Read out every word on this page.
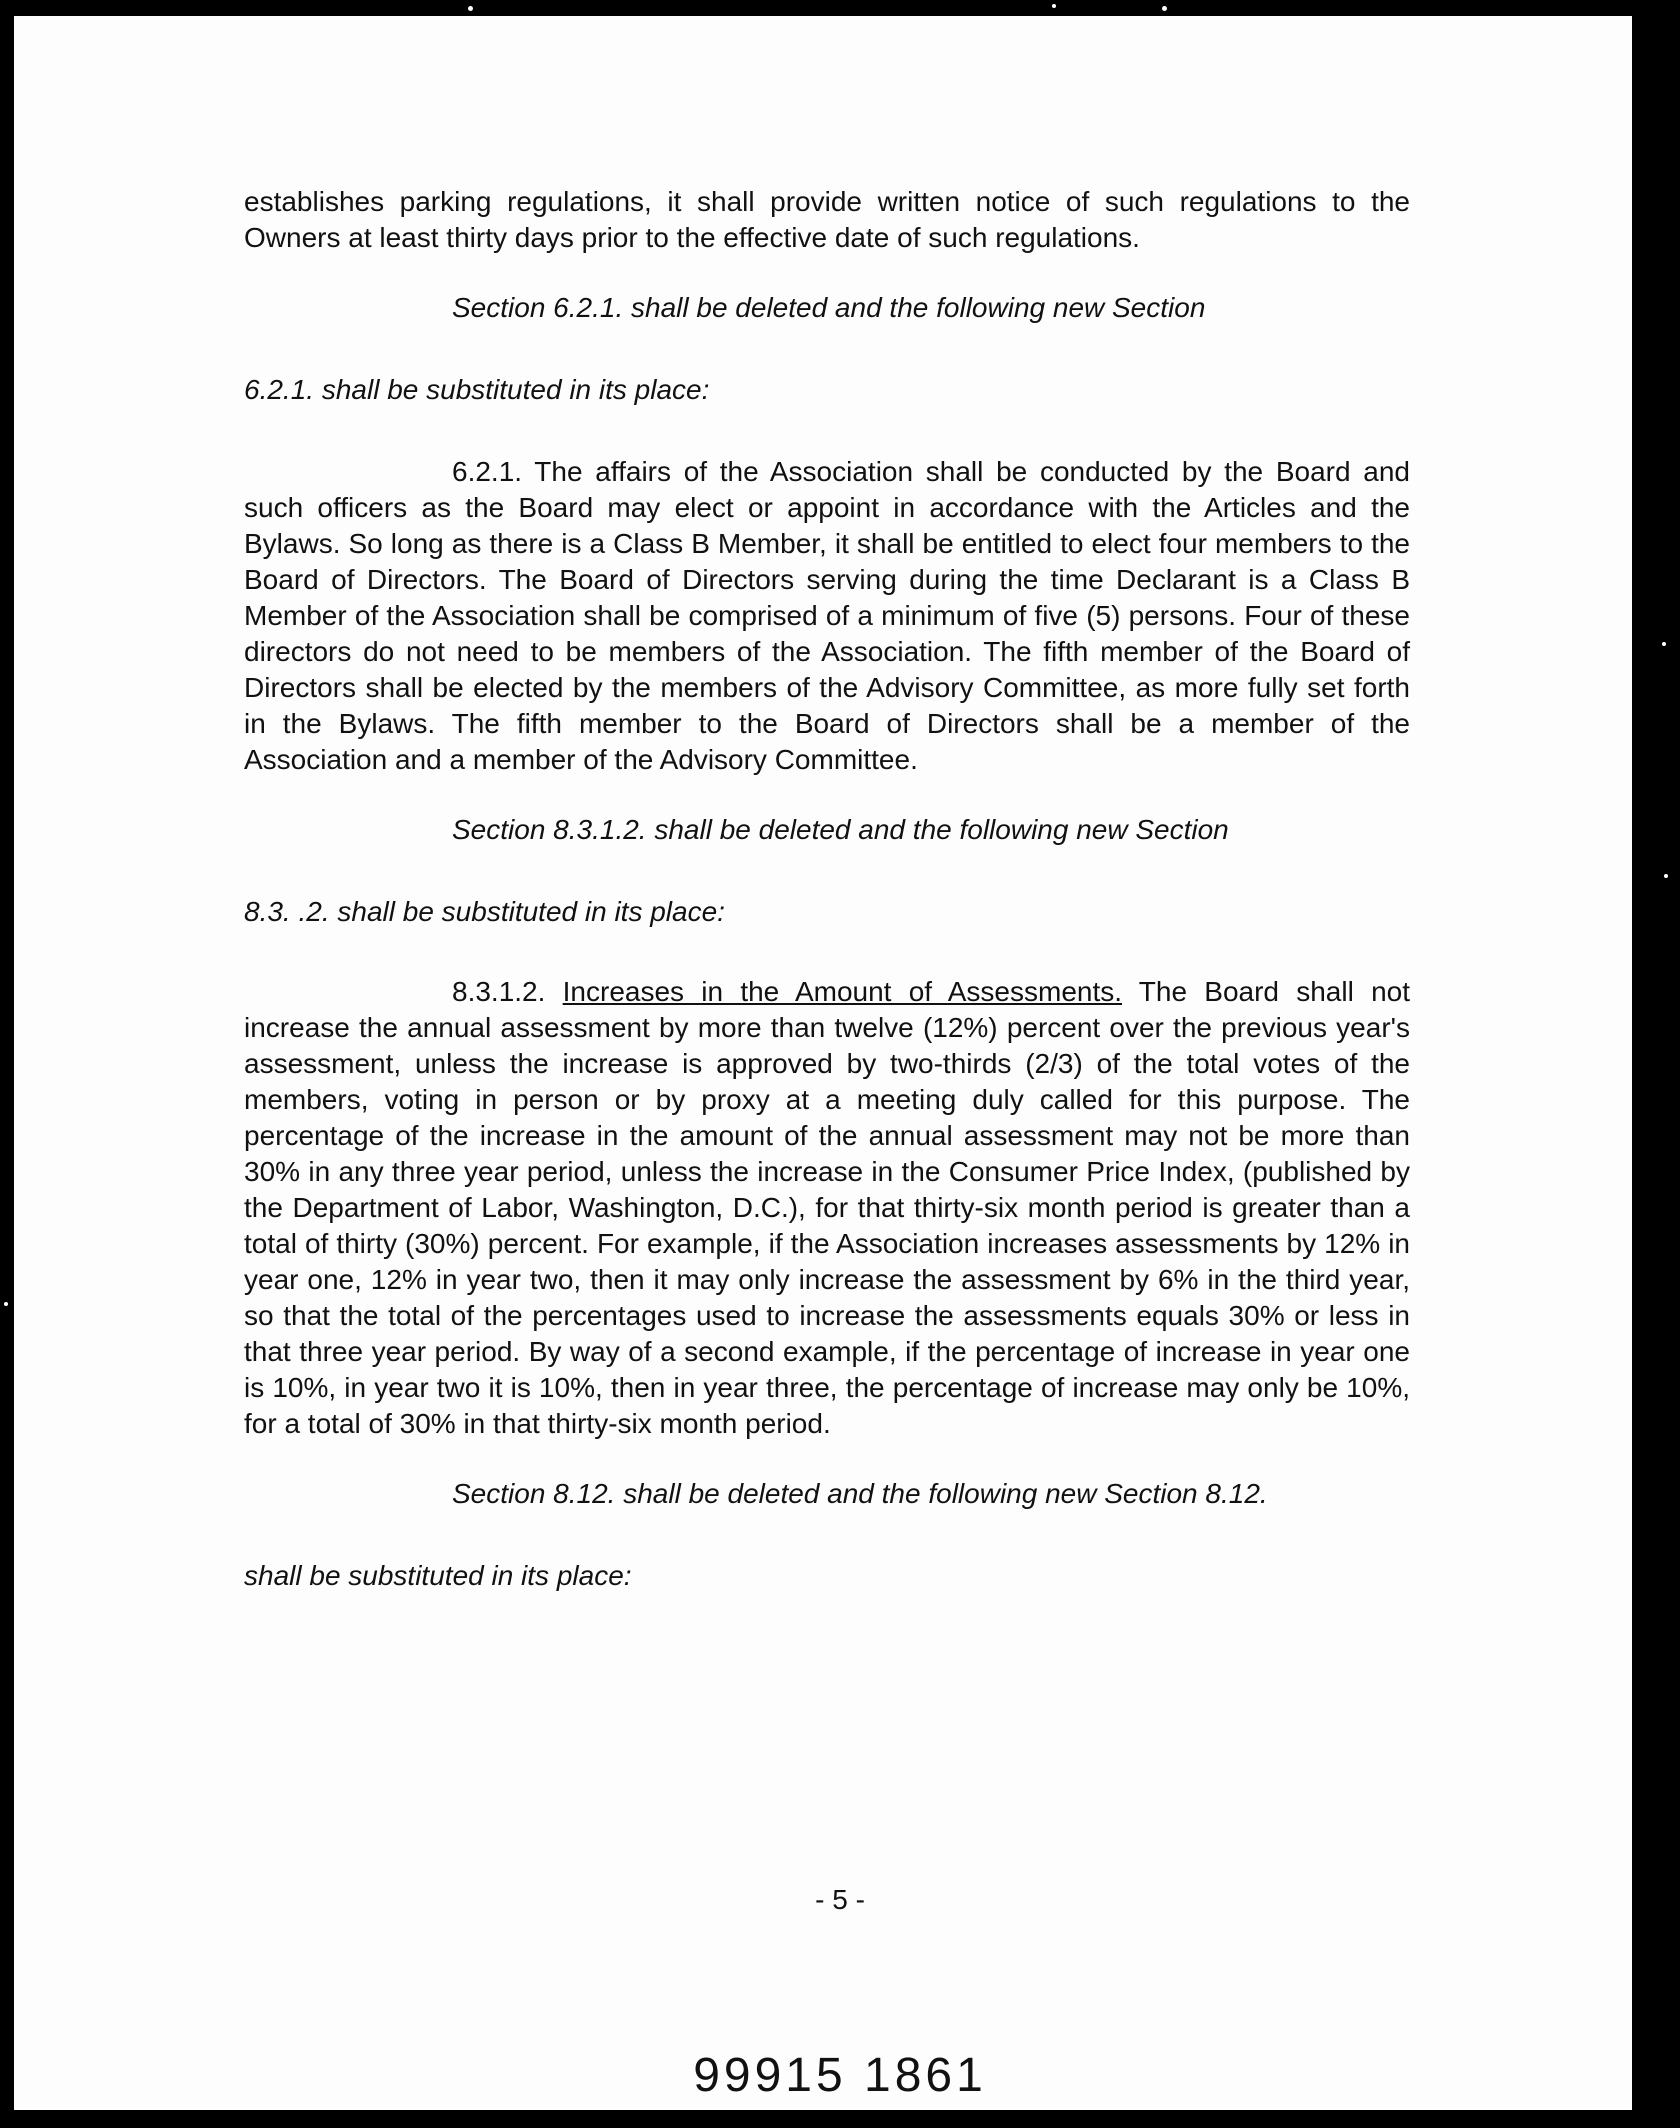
establishes parking regulations, it shall provide written notice of such regulations to the Owners at least thirty days prior to the effective date of such regulations.

Section 6.2.1. shall be deleted and the following new Section

6.2.1. shall be substituted in its place:

6.2.1. The affairs of the Association shall be conducted by the Board and such officers as the Board may elect or appoint in accordance with the Articles and the Bylaws. So long as there is a Class B Member, it shall be entitled to elect four members to the Board of Directors. The Board of Directors serving during the time Declarant is a Class B Member of the Association shall be comprised of a minimum of five (5) persons. Four of these directors do not need to be members of the Association. The fifth member of the Board of Directors shall be elected by the members of the Advisory Committee, as more fully set forth in the Bylaws. The fifth member to the Board of Directors shall be a member of the Association and a member of the Advisory Committee.

Section 8.3.1.2. shall be deleted and the following new Section

8.3. .2. shall be substituted in its place:

8.3.1.2. Increases in the Amount of Assessments. The Board shall not increase the annual assessment by more than twelve (12%) percent over the previous year's assessment, unless the increase is approved by two-thirds (2/3) of the total votes of the members, voting in person or by proxy at a meeting duly called for this purpose. The percentage of the increase in the amount of the annual assessment may not be more than 30% in any three year period, unless the increase in the Consumer Price Index, (published by the Department of Labor, Washington, D.C.), for that thirty-six month period is greater than a total of thirty (30%) percent. For example, if the Association increases assessments by 12% in year one, 12% in year two, then it may only increase the assessment by 6% in the third year, so that the total of the percentages used to increase the assessments equals 30% or less in that three year period. By way of a second example, if the percentage of increase in year one is 10%, in year two it is 10%, then in year three, the percentage of increase may only be 10%, for a total of 30% in that thirty-six month period.

Section 8.12. shall be deleted and the following new Section 8.12.

shall be substituted in its place:

- 5 -
99915 1861
